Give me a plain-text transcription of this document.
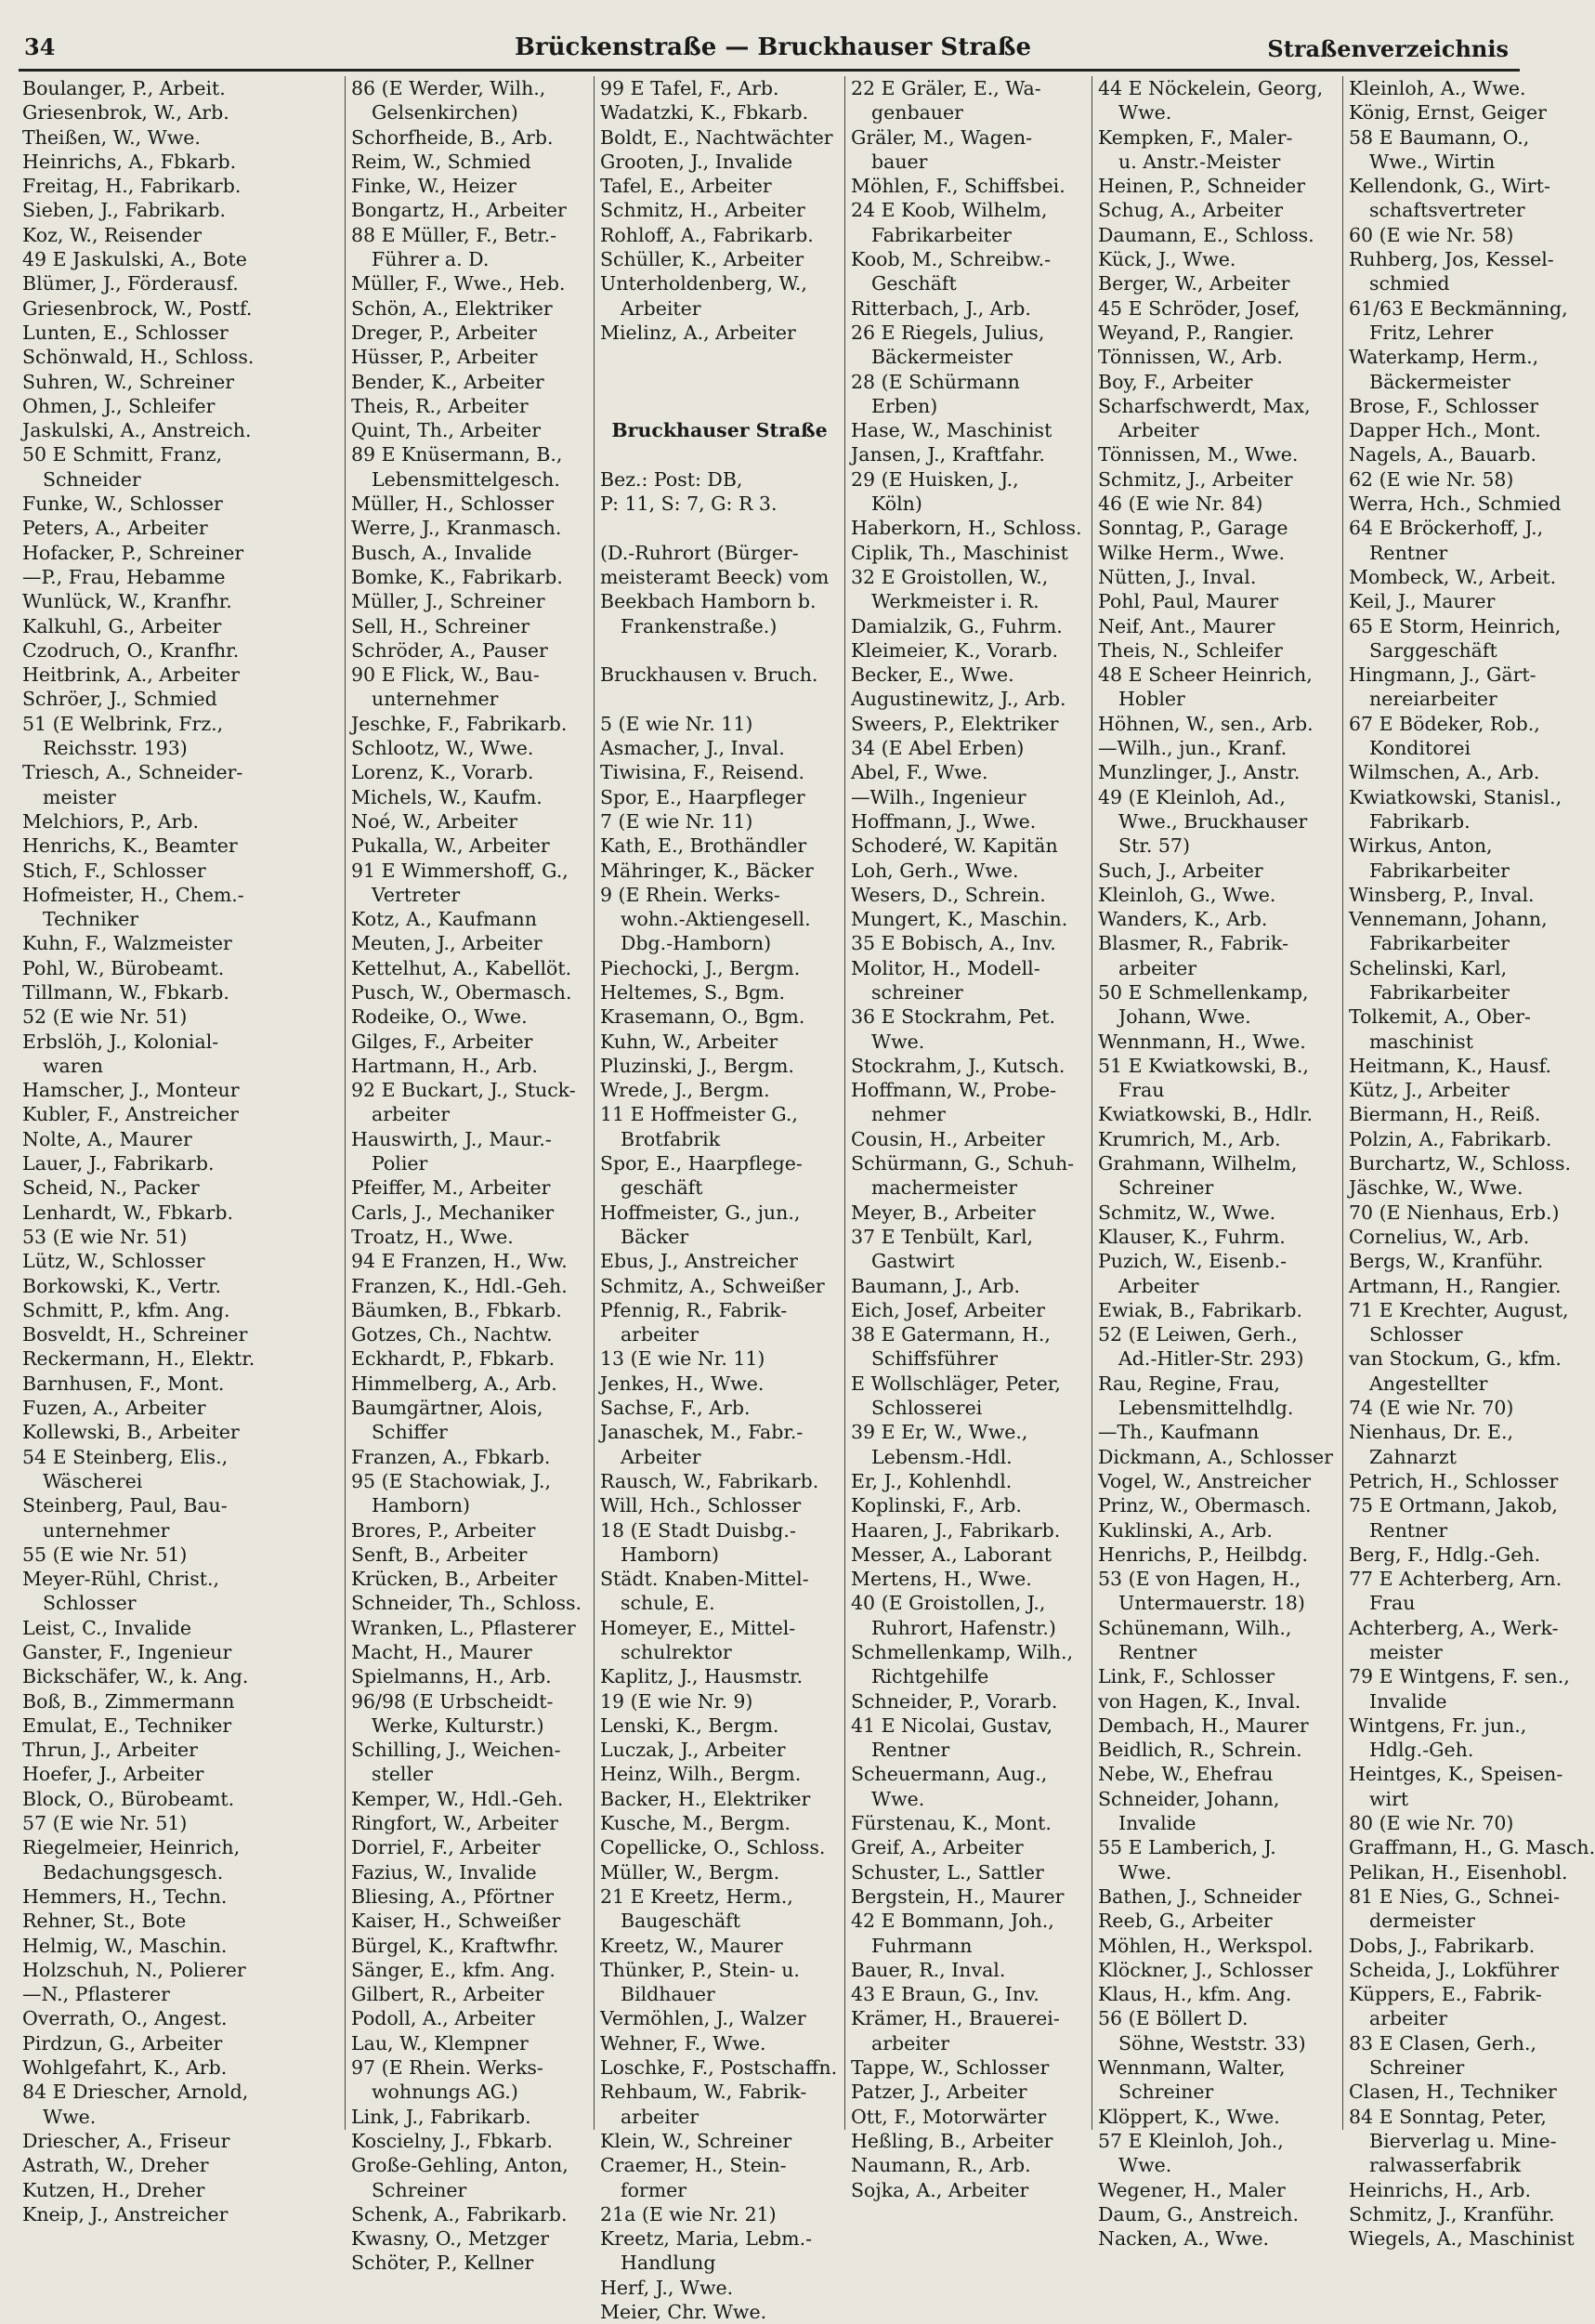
34	Brückenstraße — Bruckhauser Straße	Straßenverzeichnis
Boulanger, P., Arbeit.
Griesenbrok, W., Arb.
Theißen, W., Wwe.
Heinrichs, A., Fbkarb.
Freitag, H., Fabrikarb.
Sieben, J., Fabrikarb.
Koz, W., Reisender
49 E Jaskulski, A., Bote
Blümer, J., Förderausf.
Griesenbrock, W., Postf.
Lunten, E., Schlosser
Schönwald, H., Schloss.
Suhren, W., Schreiner
Ohmen, J., Schleifer
Jaskulski, A., Anstreich.
50 E Schmitt, Franz,
Schneider
Funke, W., Schlosser
Peters, A., Arbeiter
Hofacker, P., Schreiner
—P., Frau, Hebamme
Wunlück, W., Kranfhr.
Kalkuhl, G., Arbeiter
Czodruch, O., Kranfhr.
Heitbrink, A., Arbeiter
Schröer, J., Schmied
51 (E Welbrink, Frz.,
Reichsstr. 193)
Triesch, A., Schneider-
meister
Melchiors, P., Arb.
Henrichs, K., Beamter
Stich, F., Schlosser
Hofmeister, H., Chem.-
Techniker
Kuhn, F., Walzmeister
Pohl, W., Bürobeamt.
Tillmann, W., Fbkarb.
52 (E wie Nr. 51)
Erbslöh, J., Kolonial-
waren
Hamscher, J., Monteur
Kubler, F., Anstreicher
Nolte, A., Maurer
Lauer, J., Fabrikarb.
Scheid, N., Packer
Lenhardt, W., Fbkarb.
53 (E wie Nr. 51)
Lütz, W., Schlosser
Borkowski, K., Vertr.
Schmitt, P., kfm. Ang.
Bosveldt, H., Schreiner
Reckermann, H., Elektr.
Barnhusen, F., Mont.
Fuzen, A., Arbeiter
Kollewski, B., Arbeiter
54 E Steinberg, Elis.,
Wäscherei
Steinberg, Paul, Bau-
unternehmer
55 (E wie Nr. 51)
Meyer-Rühl, Christ.,
Schlosser
Leist, C., Invalide
Ganster, F., Ingenieur
Bickschäfer, W., k. Ang.
Boß, B., Zimmermann
Emulat, E., Techniker
Thrun, J., Arbeiter
Hoefer, J., Arbeiter
Block, O., Bürobeamt.
57 (E wie Nr. 51)
Riegelmeier, Heinrich,
Bedachungsgesch.
Hemmers, H., Techn.
Rehner, St., Bote
Helmig, W., Maschin.
Holzschuh, N., Polierer
—N., Pflasterer
Overrath, O., Angest.
Pirdzun, G., Arbeiter
Wohlgefahrt, K., Arb.
84 E Driescher, Arnold,
Wwe.
Driescher, A., Friseur
Astrath, W., Dreher
Kutzen, H., Dreher
Kneip, J., Anstreicher
86 (E Werder, Wilh.,
Gelsenkirchen)
Schorfheide, B., Arb.
Reim, W., Schmied
Finke, W., Heizer
Bongartz, H., Arbeiter
88 E Müller, F., Betr.-
Führer a. D.
Müller, F., Wwe., Heb.
Schön, A., Elektriker
Dreger, P., Arbeiter
Hüsser, P., Arbeiter
Bender, K., Arbeiter
Theis, R., Arbeiter
Quint, Th., Arbeiter
89 E Knüsermann, B.,
Lebensmittelgesch.
Müller, H., Schlosser
Werre, J., Kranmasch.
Busch, A., Invalide
Bomke, K., Fabrikarb.
Müller, J., Schreiner
Sell, H., Schreiner
Schröder, A., Pauser
90 E Flick, W., Bau-
unternehmer
Jeschke, F., Fabrikarb.
Schlootz, W., Wwe.
Lorenz, K., Vorarb.
Michels, W., Kaufm.
Noé, W., Arbeiter
Pukalla, W., Arbeiter
91 E Wimmershoff, G.,
Vertreter
Kotz, A., Kaufmann
Meuten, J., Arbeiter
Kettelhut, A., Kabellöt.
Pusch, W., Obermasch.
Rodeike, O., Wwe.
Gilges, F., Arbeiter
Hartmann, H., Arb.
92 E Buckart, J., Stuck-
arbeiter
Hauswirth, J., Maur.-
Polier
Pfeiffer, M., Arbeiter
Carls, J., Mechaniker
Troatz, H., Wwe.
94 E Franzen, H., Ww.
Franzen, K., Hdl.-Geh.
Bäumken, B., Fbkarb.
Gotzes, Ch., Nachtw.
Eckhardt, P., Fbkarb.
Himmelberg, A., Arb.
Baumgärtner, Alois,
Schiffer
Franzen, A., Fbkarb.
95 (E Stachowiak, J.,
Hamborn)
Brores, P., Arbeiter
Senft, B., Arbeiter
Krücken, B., Arbeiter
Schneider, Th., Schloss.
Wranken, L., Pflasterer
Macht, H., Maurer
Spielmanns, H., Arb.
96/98 (E Urbscheidt-
Werke, Kulturstr.)
Schilling, J., Weichen-
steller
Kemper, W., Hdl.-Geh.
Ringfort, W., Arbeiter
Dorriel, F., Arbeiter
Fazius, W., Invalide
Bliesing, A., Pförtner
Kaiser, H., Schweißer
Bürgel, K., Kraftwfhr.
Sänger, E., kfm. Ang.
Gilbert, R., Arbeiter
Podoll, A., Arbeiter
Lau, W., Klempner
97 (E Rhein. Werks-
wohnungs AG.)
Link, J., Fabrikarb.
Koscielny, J., Fbkarb.
Große-Gehling, Anton,
Schreiner
Schenk, A., Fabrikarb.
Kwasny, O., Metzger
Schöter, P., Kellner
99 E Tafel, F., Arb.
Wadatzki, K., Fbkarb.
Boldt, E., Nachtwächter
Grooten, J., Invalide
Tafel, E., Arbeiter
Schmitz, H., Arbeiter
Rohloff, A., Fabrikarb.
Schüller, K., Arbeiter
Unterholdenberg, W.,
Arbeiter
Mielinz, A., Arbeiter

Bruckhauser Straße

Bez.: Post: DB,
P: 11, S: 7, G: R 3.

(D.-Ruhrort (Bürger-
meisteramt Beeck) vom
Beekbach Hamborn b.
Frankenstraße.)

Bruckhausen v. Bruch.

5 (E wie Nr. 11)
Asmacher, J., Inval.
Tiwisina, F., Reisend.
Spor, E., Haarpfleger
7 (E wie Nr. 11)
Kath, E., Brothändler
Mähringer, K., Bäcker
9 (E Rhein. Werks-
wohn.-Aktiengesell.
Dbg.-Hamborn)
Piechocki, J., Bergm.
Heltemes, S., Bgm.
Krasemann, O., Bgm.
Kuhn, W., Arbeiter
Pluzinski, J., Bergm.
Wrede, J., Bergm.
11 E Hoffmeister G.,
Brotfabrik
Spor, E., Haarpflege-
geschäft
Hoffmeister, G., jun.,
Bäcker
Ebus, J., Anstreicher
Schmitz, A., Schweißer
Pfennig, R., Fabrik-
arbeiter
13 (E wie Nr. 11)
Jenkes, H., Wwe.
Sachse, F., Arb.
Janaschek, M., Fabr.-
Arbeiter
Rausch, W., Fabrikarb.
Will, Hch., Schlosser
18 (E Stadt Duisbg.-
Hamborn)
Städt. Knaben-Mittel-
schule, E.
Homeyer, E., Mittel-
schulrektor
Kaplitz, J., Hausmstr.
19 (E wie Nr. 9)
Lenski, K., Bergm.
Luczak, J., Arbeiter
Heinz, Wilh., Bergm.
Backer, H., Elektriker
Kusche, M., Bergm.
Copellicke, O., Schloss.
Müller, W., Bergm.
21 E Kreetz, Herm.,
Baugeschäft
Kreetz, W., Maurer
Thünker, P., Stein- u.
Bildhauer
Vermöhlen, J., Walzer
Wehner, F., Wwe.
Loschke, F., Postschaffn.
Rehbaum, W., Fabrik-
arbeiter
Klein, W., Schreiner
Craemer, H., Stein-
former
21a (E wie Nr. 21)
Kreetz, Maria, Lebm.-
Handlung
Herf, J., Wwe.
Meier, Chr. Wwe.
22 E Gräler, E., Wa-
genbauer
Gräler, M., Wagen-
bauer
Möhlen, F., Schiffsbei.
24 E Koob, Wilhelm,
Fabrikarbeiter
Koob, M., Schreibw.-
Geschäft
Ritterbach, J., Arb.
26 E Riegels, Julius,
Bäckermeister
28 (E Schürmann
Erben)
Hase, W., Maschinist
Jansen, J., Kraftfahr.
29 (E Huisken, J.,
Köln)
Haberkorn, H., Schloss.
Ciplik, Th., Maschinist
32 E Groistollen, W.,
Werkmeister i. R.
Damialzik, G., Fuhrm.
Kleimeier, K., Vorarb.
Becker, E., Wwe.
Augustinewitz, J., Arb.
Sweers, P., Elektriker
34 (E Abel Erben)
Abel, F., Wwe.
—Wilh., Ingenieur
Hoffmann, J., Wwe.
Schoderé, W. Kapitän
Loh, Gerh., Wwe.
Wesers, D., Schrein.
Mungert, K., Maschin.
35 E Bobisch, A., Inv.
Molitor, H., Modell-
schreiner
36 E Stockrahm, Pet.
Wwe.
Stockrahm, J., Kutsch.
Hoffmann, W., Probe-
nehmer
Cousin, H., Arbeiter
Schürmann, G., Schuh-
machermeister
Meyer, B., Arbeiter
37 E Tenbült, Karl,
Gastwirt
Baumann, J., Arb.
Eich, Josef, Arbeiter
38 E Gatermann, H.,
Schiffsführer
E Wollschläger, Peter,
Schlosserei
39 E Er, W., Wwe.,
Lebensm.-Hdl.
Er, J., Kohlenhdl.
Koplinski, F., Arb.
Haaren, J., Fabrikarb.
Messer, A., Laborant
Mertens, H., Wwe.
40 (E Groistollen, J.,
Ruhrort, Hafenstr.)
Schmellenkamp, Wilh.,
Richtgehilfe
Schneider, P., Vorarb.
41 E Nicolai, Gustav,
Rentner
Scheuermann, Aug.,
Wwe.
Fürstenau, K., Mont.
Greif, A., Arbeiter
Schuster, L., Sattler
Bergstein, H., Maurer
42 E Bommann, Joh.,
Fuhrmann
Bauer, R., Inval.
43 E Braun, G., Inv.
Krämer, H., Brauerei-
arbeiter
Tappe, W., Schlosser
Patzer, J., Arbeiter
Ott, F., Motorwärter
Heßling, B., Arbeiter
Naumann, R., Arb.
Sojka, A., Arbeiter
44 E Nöckelein, Georg,
Wwe.
Kempken, F., Maler-
u. Anstr.-Meister
Heinen, P., Schneider
Schug, A., Arbeiter
Daumann, E., Schloss.
Kück, J., Wwe.
Berger, W., Arbeiter
45 E Schröder, Josef,
Weyand, P., Rangier.
Tönnissen, W., Arb.
Boy, F., Arbeiter
Scharfschwerdt, Max,
Arbeiter
Tönnissen, M., Wwe.
Schmitz, J., Arbeiter
46 (E wie Nr. 84)
Sonntag, P., Garage
Wilke Herm., Wwe.
Nütten, J., Inval.
Pohl, Paul, Maurer
Neif, Ant., Maurer
Theis, N., Schleifer
48 E Scheer Heinrich,
Hobler
Höhnen, W., sen., Arb.
—Wilh., jun., Kranf.
Munzlinger, J., Anstr.
49 (E Kleinloh, Ad.,
Wwe., Bruckhauser
Str. 57)
Such, J., Arbeiter
Kleinloh, G., Wwe.
Wanders, K., Arb.
Blasmer, R., Fabrik-
arbeiter
50 E Schmellenkamp,
Johann, Wwe.
Wennmann, H., Wwe.
51 E Kwiatkowski, B.,
Frau
Kwiatkowski, B., Hdlr.
Krumrich, M., Arb.
Grahmann, Wilhelm,
Schreiner
Schmitz, W., Wwe.
Klauser, K., Fuhrm.
Puzich, W., Eisenb.-
Arbeiter
Ewiak, B., Fabrikarb.
52 (E Leiwen, Gerh.,
Ad.-Hitler-Str. 293)
Rau, Regine, Frau,
Lebensmittelhdlg.
—Th., Kaufmann
Dickmann, A., Schlosser
Vogel, W., Anstreicher
Prinz, W., Obermasch.
Kuklinski, A., Arb.
Henrichs, P., Heilbdg.
53 (E von Hagen, H.,
Untermauerstr. 18)
Schünemann, Wilh.,
Rentner
Link, F., Schlosser
von Hagen, K., Inval.
Dembach, H., Maurer
Beidlich, R., Schrein.
Nebe, W., Ehefrau
Schneider, Johann,
Invalide
55 E Lamberich, J.
Wwe.
Bathen, J., Schneider
Reeb, G., Arbeiter
Möhlen, H., Werkspol.
Klöckner, J., Schlosser
Klaus, H., kfm. Ang.
56 (E Böllert D.
Söhne, Weststr. 33)
Wennmann, Walter,
Schreiner
Klöppert, K., Wwe.
57 E Kleinloh, Joh.,
Wwe.
Wegener, H., Maler
Daum, G., Anstreich.
Nacken, A., Wwe.
Kleinloh, A., Wwe.
König, Ernst, Geiger
58 E Baumann, O.,
Wwe., Wirtin
Kellendonk, G., Wirt-
schaftsvertreter
60 (E wie Nr. 58)
Ruhberg, Jos, Kessel-
schmied
61/63 E Beckmänning,
Fritz, Lehrer
Waterkamp, Herm.,
Bäckermeister
Brose, F., Schlosser
Dapper Hch., Mont.
Nagels, A., Bauarb.
62 (E wie Nr. 58)
Werra, Hch., Schmied
64 E Bröckerhoff, J.,
Rentner
Mombeck, W., Arbeit.
Keil, J., Maurer
65 E Storm, Heinrich,
Sarggeschäft
Hingmann, J., Gärt-
nereiarbeiter
67 E Bödeker, Rob.,
Konditorei
Wilmschen, A., Arb.
Kwiatkowski, Stanisl.,
Fabrikarb.
Wirkus, Anton,
Fabrikarbeiter
Winsberg, P., Inval.
Vennemann, Johann,
Fabrikarbeiter
Schelinski, Karl,
Fabrikarbeiter
Tolkemit, A., Ober-
maschinist
Heitmann, K., Hausf.
Kütz, J., Arbeiter
Biermann, H., Reiß.
Polzin, A., Fabrikarb.
Burchartz, W., Schloss.
Jäschke, W., Wwe.
70 (E Nienhaus, Erb.)
Cornelius, W., Arb.
Bergs, W., Kranführ.
Artmann, H., Rangier.
71 E Krechter, August,
Schlosser
van Stockum, G., kfm.
Angestellter
74 (E wie Nr. 70)
Nienhaus, Dr. E.,
Zahnarzt
Petrich, H., Schlosser
75 E Ortmann, Jakob,
Rentner
Berg, F., Hdlg.-Geh.
77 E Achterberg, Arn.
Frau
Achterberg, A., Werk-
meister
79 E Wintgens, F. sen.,
Invalide
Wintgens, Fr. jun.,
Hdlg.-Geh.
Heintges, K., Speisen-
wirt
80 (E wie Nr. 70)
Graffmann, H., G. Masch.
Pelikan, H., Eisenhobl.
81 E Nies, G., Schnei-
dermeister
Dobs, J., Fabrikarb.
Scheida, J., Lokführer
Küppers, E., Fabrik-
arbeiter
83 E Clasen, Gerh.,
Schreiner
Clasen, H., Techniker
84 E Sonntag, Peter,
Bierverlag u. Mine-
ralwasserfabrik
Heinrichs, H., Arb.
Schmitz, J., Kranführ.
Wiegels, A., Maschinist
